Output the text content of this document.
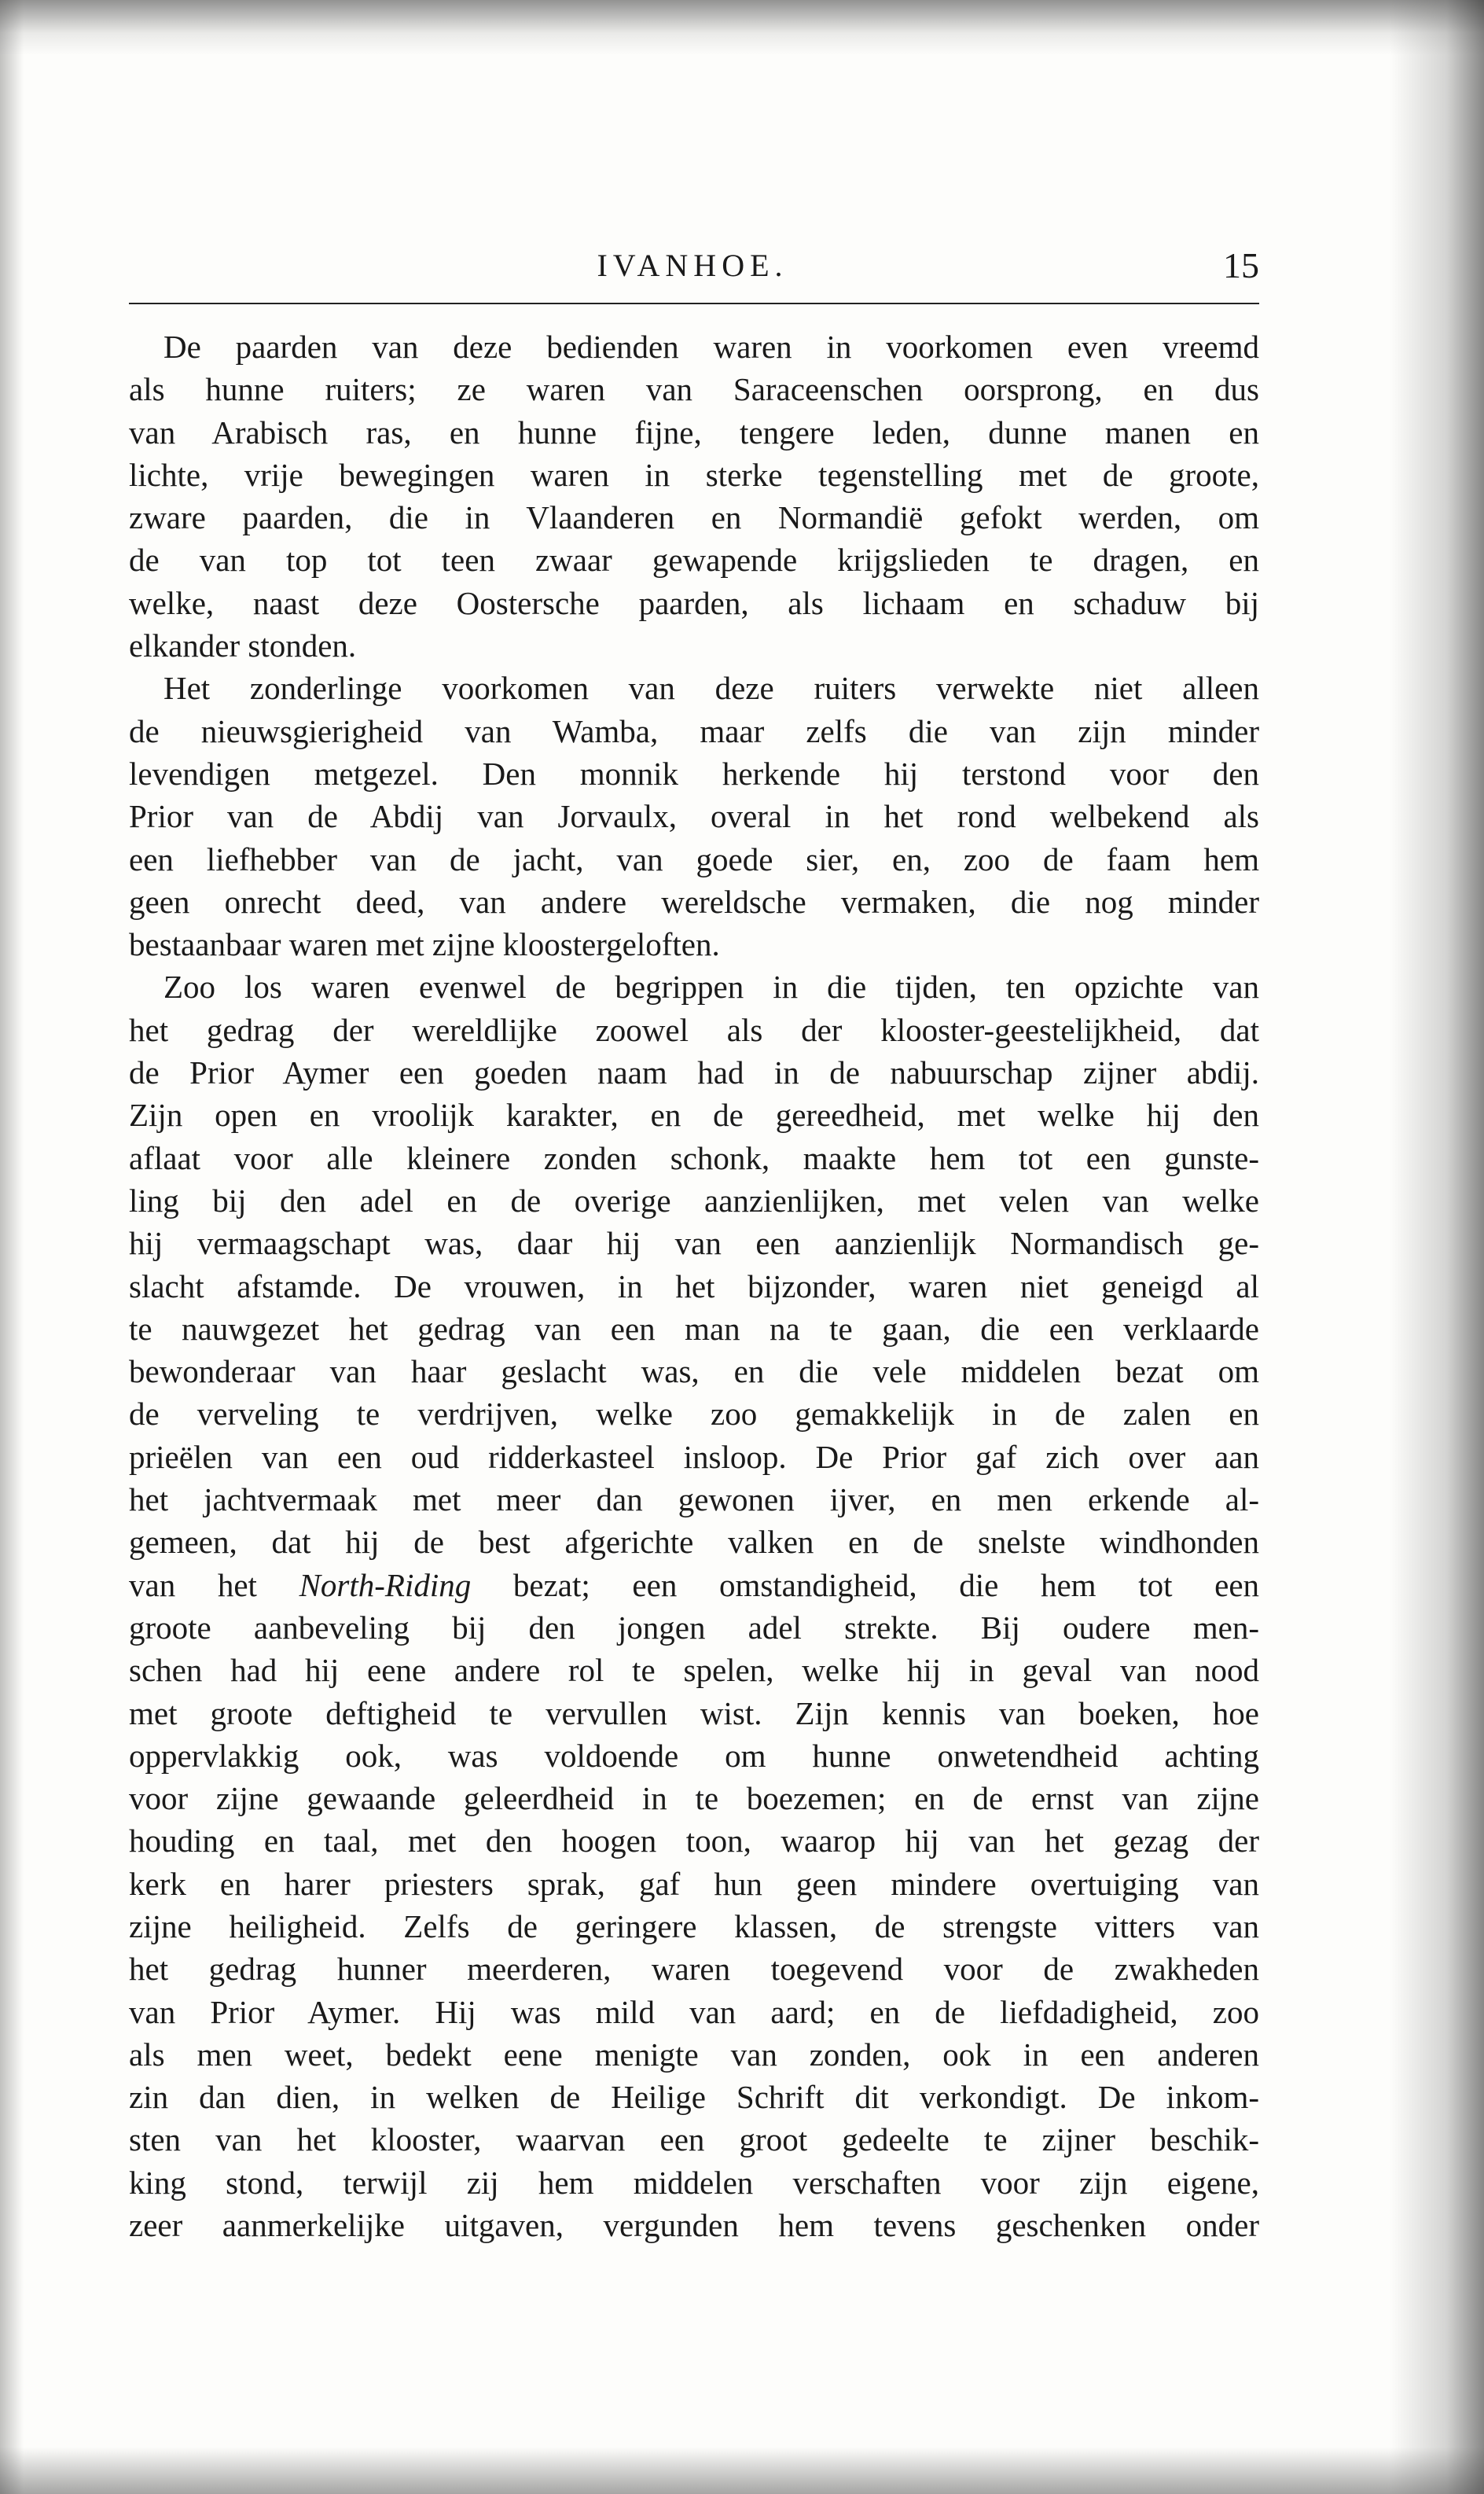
IVANHOE.	15
De paarden van deze bedienden waren in voorkomen even vreemd
als hunne ruiters; ze waren van Saraceenschen oorsprong, en dus
van Arabisch ras, en hunne fijne, tengere leden, dunne manen en
lichte, vrije bewegingen waren in sterke tegenstelling met de groote,
zware paarden, die in Vlaanderen en Normandië gefokt werden, om
de van top tot teen zwaar gewapende krijgslieden te dragen, en
welke, naast deze Oostersche paarden, als lichaam en schaduw bij
elkander stonden.
Het zonderlinge voorkomen van deze ruiters verwekte niet alleen
de nieuwsgierigheid van Wamba, maar zelfs die van zijn minder
levendigen metgezel. Den monnik herkende hij terstond voor den
Prior van de Abdij van Jorvaulx, overal in het rond welbekend als
een liefhebber van de jacht, van goede sier, en, zoo de faam hem
geen onrecht deed, van andere wereldsche vermaken, die nog minder
bestaanbaar waren met zijne kloostergeloften.
Zoo los waren evenwel de begrippen in die tijden, ten opzichte van
het gedrag der wereldlijke zoowel als der klooster-geestelijkheid, dat
de Prior Aymer een goeden naam had in de nabuurschap zijner abdij.
Zijn open en vroolijk karakter, en de gereedheid, met welke hij den
aflaat voor alle kleinere zonden schonk, maakte hem tot een gunste-
ling bij den adel en de overige aanzienlijken, met velen van welke
hij vermaagschapt was, daar hij van een aanzienlijk Normandisch ge-
slacht afstamde. De vrouwen, in het bijzonder, waren niet geneigd al
te nauwgezet het gedrag van een man na te gaan, die een verklaarde
bewonderaar van haar geslacht was, en die vele middelen bezat om
de verveling te verdrijven, welke zoo gemakkelijk in de zalen en
prieëlen van een oud ridderkasteel insloop. De Prior gaf zich over aan
het jachtvermaak met meer dan gewonen ijver, en men erkende al-
gemeen, dat hij de best afgerichte valken en de snelste windhonden
van het North-Riding bezat; een omstandigheid, die hem tot een
groote aanbeveling bij den jongen adel strekte. Bij oudere men-
schen had hij eene andere rol te spelen, welke hij in geval van nood
met groote deftigheid te vervullen wist. Zijn kennis van boeken, hoe
oppervlakkig ook, was voldoende om hunne onwetendheid achting
voor zijne gewaande geleerdheid in te boezemen; en de ernst van zijne
houding en taal, met den hoogen toon, waarop hij van het gezag der
kerk en harer priesters sprak, gaf hun geen mindere overtuiging van
zijne heiligheid. Zelfs de geringere klassen, de strengste vitters van
het gedrag hunner meerderen, waren toegevend voor de zwakheden
van Prior Aymer. Hij was mild van aard; en de liefdadigheid, zoo
als men weet, bedekt eene menigte van zonden, ook in een anderen
zin dan dien, in welken de Heilige Schrift dit verkondigt. De inkom-
sten van het klooster, waarvan een groot gedeelte te zijner beschik-
king stond, terwijl zij hem middelen verschaften voor zijn eigene,
zeer aanmerkelijke uitgaven, vergunden hem tevens geschenken onder
